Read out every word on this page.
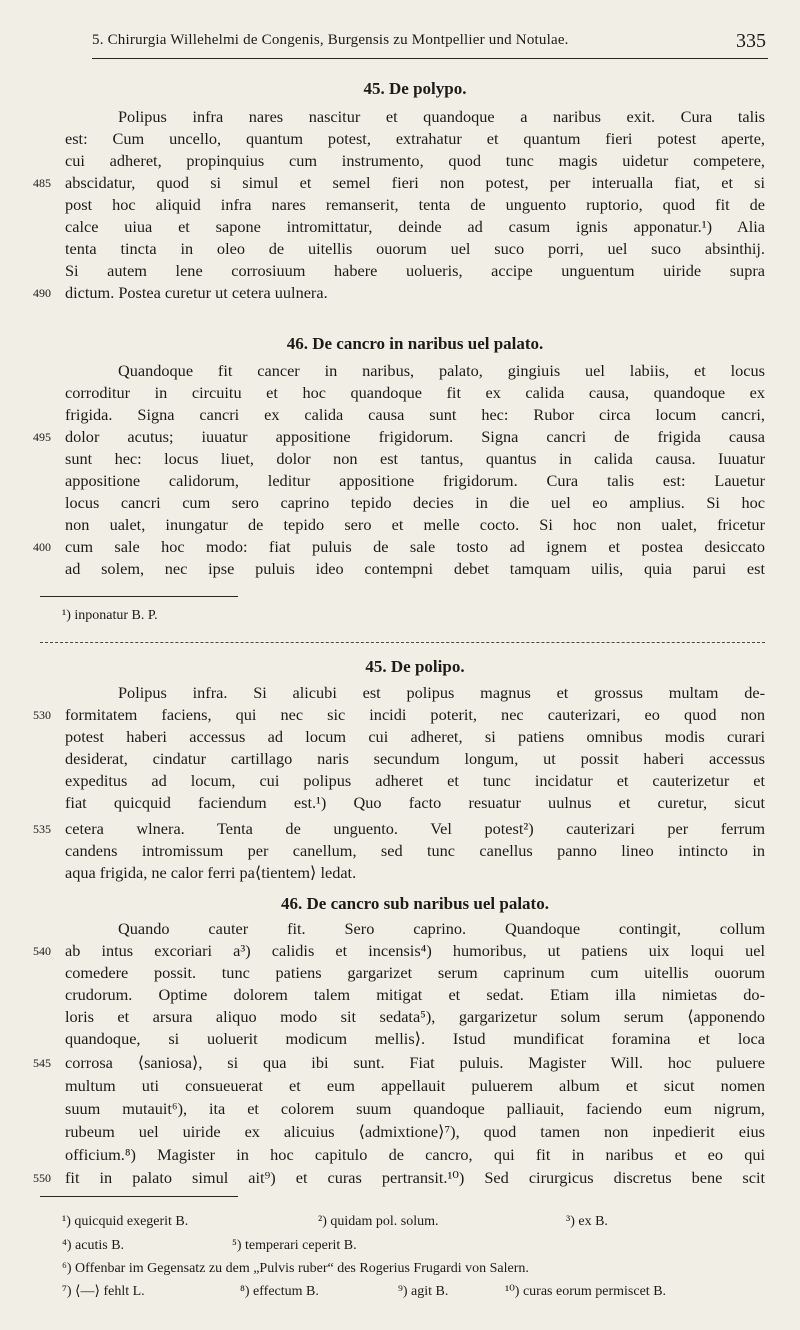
5. Chirurgia Willehelmi de Congenis, Burgensis zu Montpellier und Notulae.	335
45. De polypo.
Polipus infra nares nascitur et quandoque a naribus exit. Cura talis
est: Cum uncello, quantum potest, extrahatur et quantum fieri potest aperte,
cui adheret, propinquius cum instrumento, quod tunc magis uidetur competere,
485 abscidatur, quod si simul et semel fieri non potest, per interualla fiat, et si
post hoc aliquid infra nares remanserit, tenta de unguento ruptorio, quod fit de
calce uiua et sapone intromittatur, deinde ad casum ignis apponatur.¹) Alia
tenta tincta in oleo de uitellis ouorum uel suco porri, uel suco absinthij.
Si autem lene corrosiuum habere uolueris, accipe unguentum uiride supra
490 dictum. Postea curetur ut cetera uulnera.
46. De cancro in naribus uel palato.
Quandoque fit cancer in naribus, palato, gingiuis uel labiis, et locus
corroditur in circuitu et hoc quandoque fit ex calida causa, quandoque ex
frigida. Signa cancri ex calida causa sunt hec: Rubor circa locum cancri,
495 dolor acutus; iuuatur appositione frigidorum. Signa cancri de frigida causa
sunt hec: locus liuet, dolor non est tantus, quantus in calida causa. Iuuatur
appositione calidorum, leditur appositione frigidorum. Cura talis est: Lauetur
locus cancri cum sero caprino tepido decies in die uel eo amplius. Si hoc
non ualet, inungatur de tepido sero et melle cocto. Si hoc non ualet, fricetur
400 cum sale hoc modo: fiat puluis de sale tosto ad ignem et postea desiccato
ad solem, nec ipse puluis ideo contempni debet tamquam uilis, quia parui est
¹) inponatur B. P.
45. De polipo.
Polipus infra. Si alicubi est polipus magnus et grossus multam de-
530 formitatem faciens, qui nec sic incidi poterit, nec cauterizari, eo quod non
potest haberi accessus ad locum cui adheret, si patiens omnibus modis curari
desiderat, cindatur cartillago naris secundum longum, ut possit haberi accessus
expeditus ad locum, cui polipus adheret et tunc incidatur et cauterizetur et
fiat quicquid faciendum est.¹) Quo facto resuatur uulnus et curetur, sicut
535 cetera wlnera. Tenta de unguento. Vel potest²) cauterizari per ferrum
candens intromissum per canellum, sed tunc canellus panno lineo intincto in
aqua frigida, ne calor ferri pa⟨tientem⟩ ledat.
46. De cancro sub naribus uel palato.
Quando cauter fit. Sero caprino. Quandoque contingit, collum
540 ab intus excoriari a³) calidis et incensis⁴) humoribus, ut patiens uix loqui uel
comedere possit. tunc patiens gargarizet serum caprinum cum uitellis ouorum
crudorum. Optime dolorem talem mitigat et sedat. Etiam illa nimietas do-
loris et arsura aliquo modo sit sedata⁵), gargarizetur solum serum ⟨apponendo
quandoque, si uoluerit modicum mellis⟩. Istud mundificat foramina et loca
545 corrosa ⟨saniosa⟩, si qua ibi sunt. Fiat puluis. Magister Will. hoc puluere
multum uti consueuerat et eum appellauit puluerem album et sicut nomen
suum mutauit⁶), ita et colorem suum quandoque palliauit, faciendo eum nigrum,
rubeum uel uiride ex alicuius ⟨admixtione⟩⁷), quod tamen non inpedierit eius
officium.⁸) Magister in hoc capitulo de cancro, qui fit in naribus et eo qui
550 fit in palato simul ait⁹) et curas pertransit.¹⁰) Sed cirurgicus discretus bene scit
¹) quicquid exegerit B.	²) quidam pol. solum.	³) ex B.
⁴) acutis B.	⁵) temperari ceperit B.
⁶) Offenbar im Gegensatz zu dem „Pulvis ruber“ des Rogerius Frugardi von Salern.
⁷) ⟨—⟩ fehlt L.	⁸) effectum B.	⁹) agit B.	¹⁰) curas eorum permiscet B.
